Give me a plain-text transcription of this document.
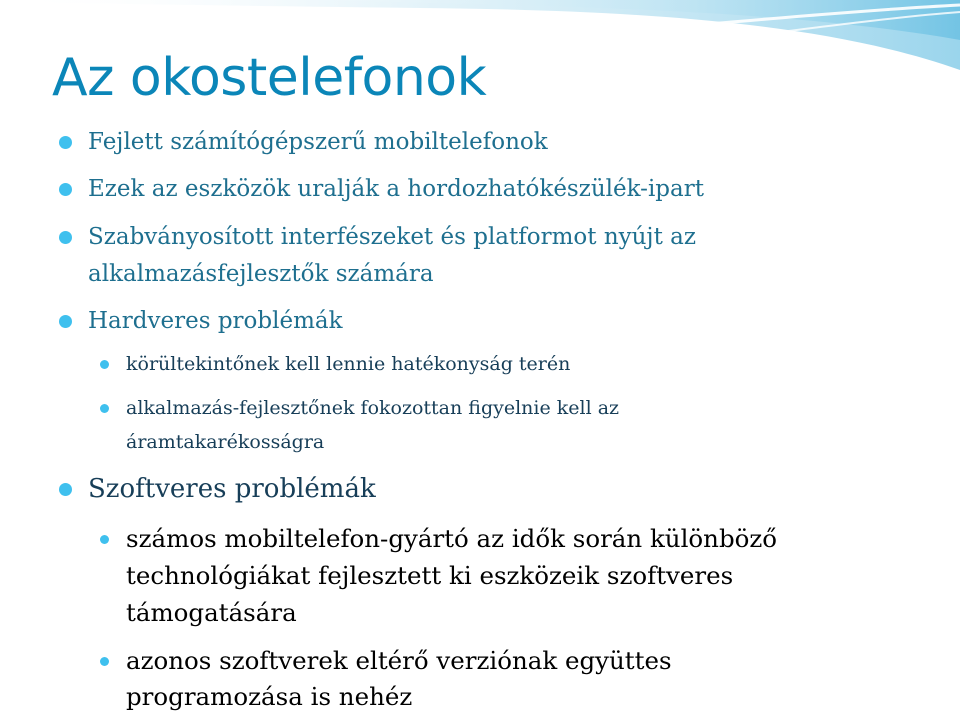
Az okostelefonok
Fejlett számítógépszerű mobiltelefonok
Ezek az eszközök uralják a hordozhatókészülék-ipart
Szabványosított interfészeket és platformot nyújt az
alkalmazásfejlesztők számára
Hardveres problémák
körültekintőnek kell lennie hatékonyság terén
alkalmazás-fejlesztőnek fokozottan figyelnie kell az
áramtakarékosságra
Szoftveres problémák
számos mobiltelefon-gyártó az idők során különböző
technológiákat fejlesztett ki eszközeik szoftveres
támogatására
azonos szoftverek eltérő verziónak együttes
programozása is nehéz
